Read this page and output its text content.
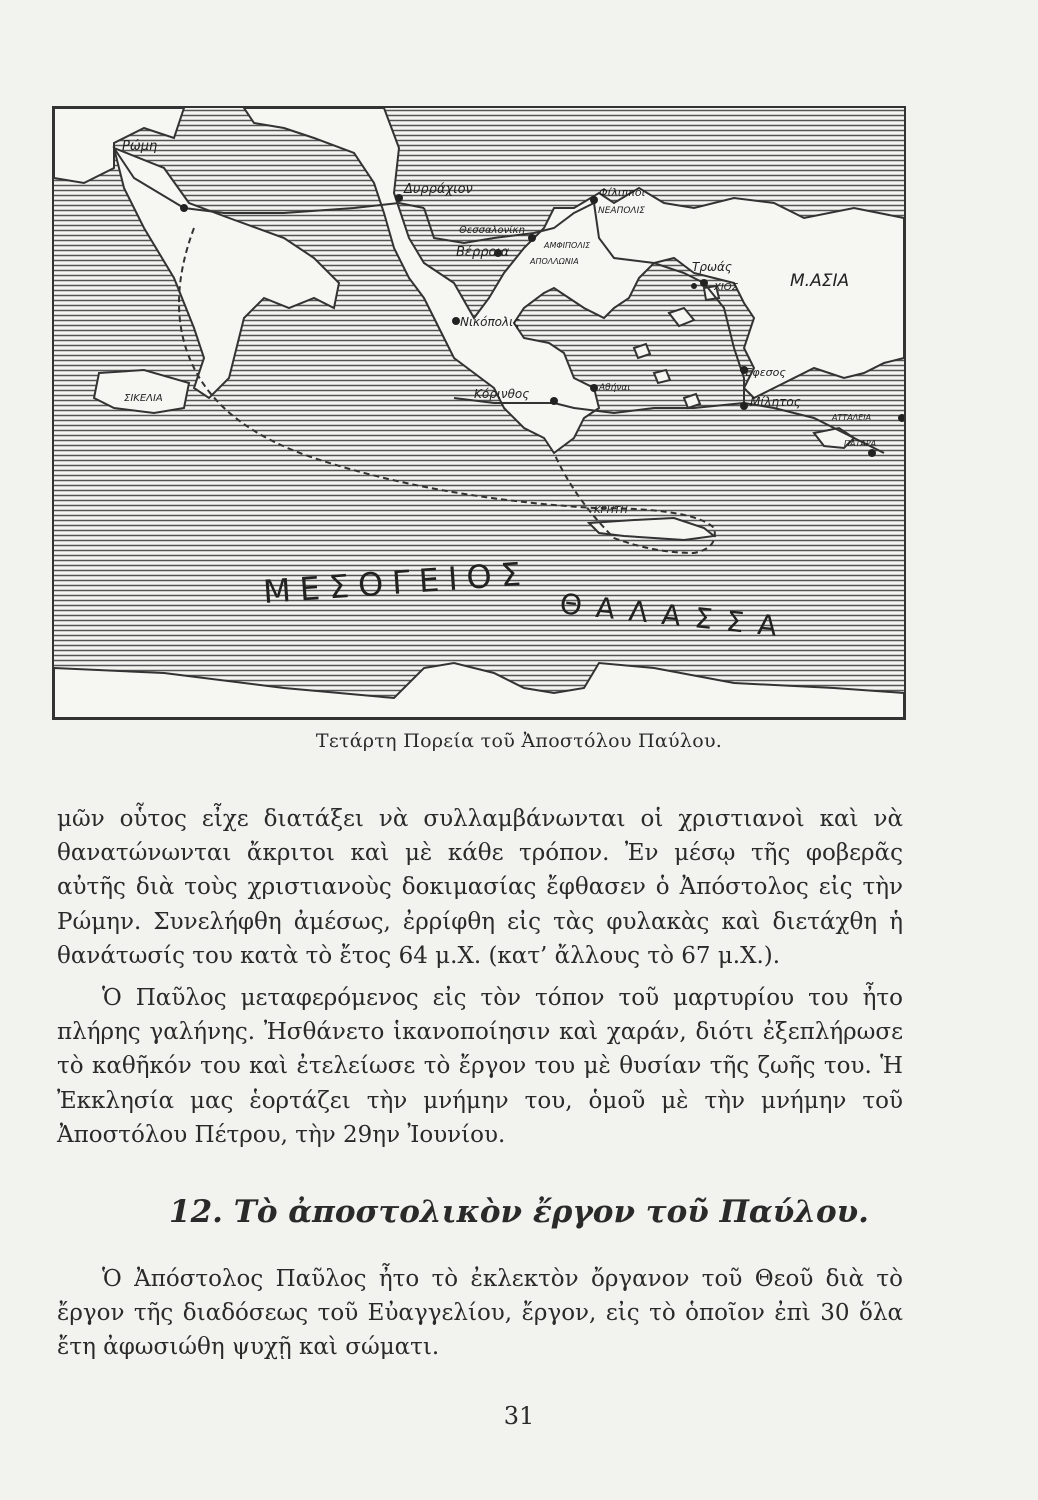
Ρώμη
Δυρράχιον	Φίλιπποι
ΝΕΑΠΟΛΙΣ
Θεσσαλονίκη
ΑΜΦΙΠΟΛΙΣ
Βέρροια
ΑΠΟΛΛΩΝΙΑ	Τρωάς
ΧΙΟΣ	Μ.ΑΣΙΑ
Νικόπολις
Έφεσος
ΣΙΚΕΛΙΑ	Κόρινθος	Αθήναι
Μίλητος
ΑΤΤΑΛΕΙΑ
ΠΑΤΑΡΑ
ΚΡΗΤΗ
ΜΕΣΟΓΕΙΟΣ
ΘΑΛΑΣΣΑ
Τετάρτη Πορεία τοῦ Ἀποστόλου Παύλου.

μῶν οὗτος εἶχε διατάξει νὰ συλλαμβάνωνται οἱ χριστιανοὶ καὶ νὰ θανατώνωνται ἄκριτοι καὶ μὲ κάθε τρόπον. Ἐν μέσῳ τῆς φοβερᾶς αὐτῆς διὰ τοὺς χριστιανοὺς δοκιμασίας ἔφθασεν ὁ Ἀπόστολος εἰς τὴν Ρώμην. Συνελήφθη ἀμέσως, ἐρρίφθη εἰς τὰς φυλακὰς καὶ διετάχθη ἡ θανάτωσίς του κατὰ τὸ ἔτος 64 μ.Χ. (κατ’ ἄλλους τὸ 67 μ.Χ.).

Ὁ Παῦλος μεταφερόμενος εἰς τὸν τόπον τοῦ μαρτυρίου του ἦτο πλήρης γαλήνης. Ἠσθάνετο ἱκανοποίησιν καὶ χαράν, διότι ἐξεπλήρωσε τὸ καθῆκόν του καὶ ἐτελείωσε τὸ ἔργον του μὲ θυσίαν τῆς ζωῆς του. Ἡ Ἐκκλησία μας ἑορτάζει τὴν μνήμην του, ὁμοῦ μὲ τὴν μνήμην τοῦ Ἀποστόλου Πέτρου, τὴν 29ην Ἰουνίου.

12. Τὸ ἀποστολικὸν ἔργον τοῦ Παύλου.

Ὁ Ἀπόστολος Παῦλος ἦτο τὸ ἐκλεκτὸν ὄργανον τοῦ Θεοῦ διὰ τὸ ἔργον τῆς διαδόσεως τοῦ Εὐαγγελίου, ἔργον, εἰς τὸ ὁποῖον ἐπὶ 30 ὅλα ἔτη ἀφωσιώθη ψυχῇ καὶ σώματι.

31
